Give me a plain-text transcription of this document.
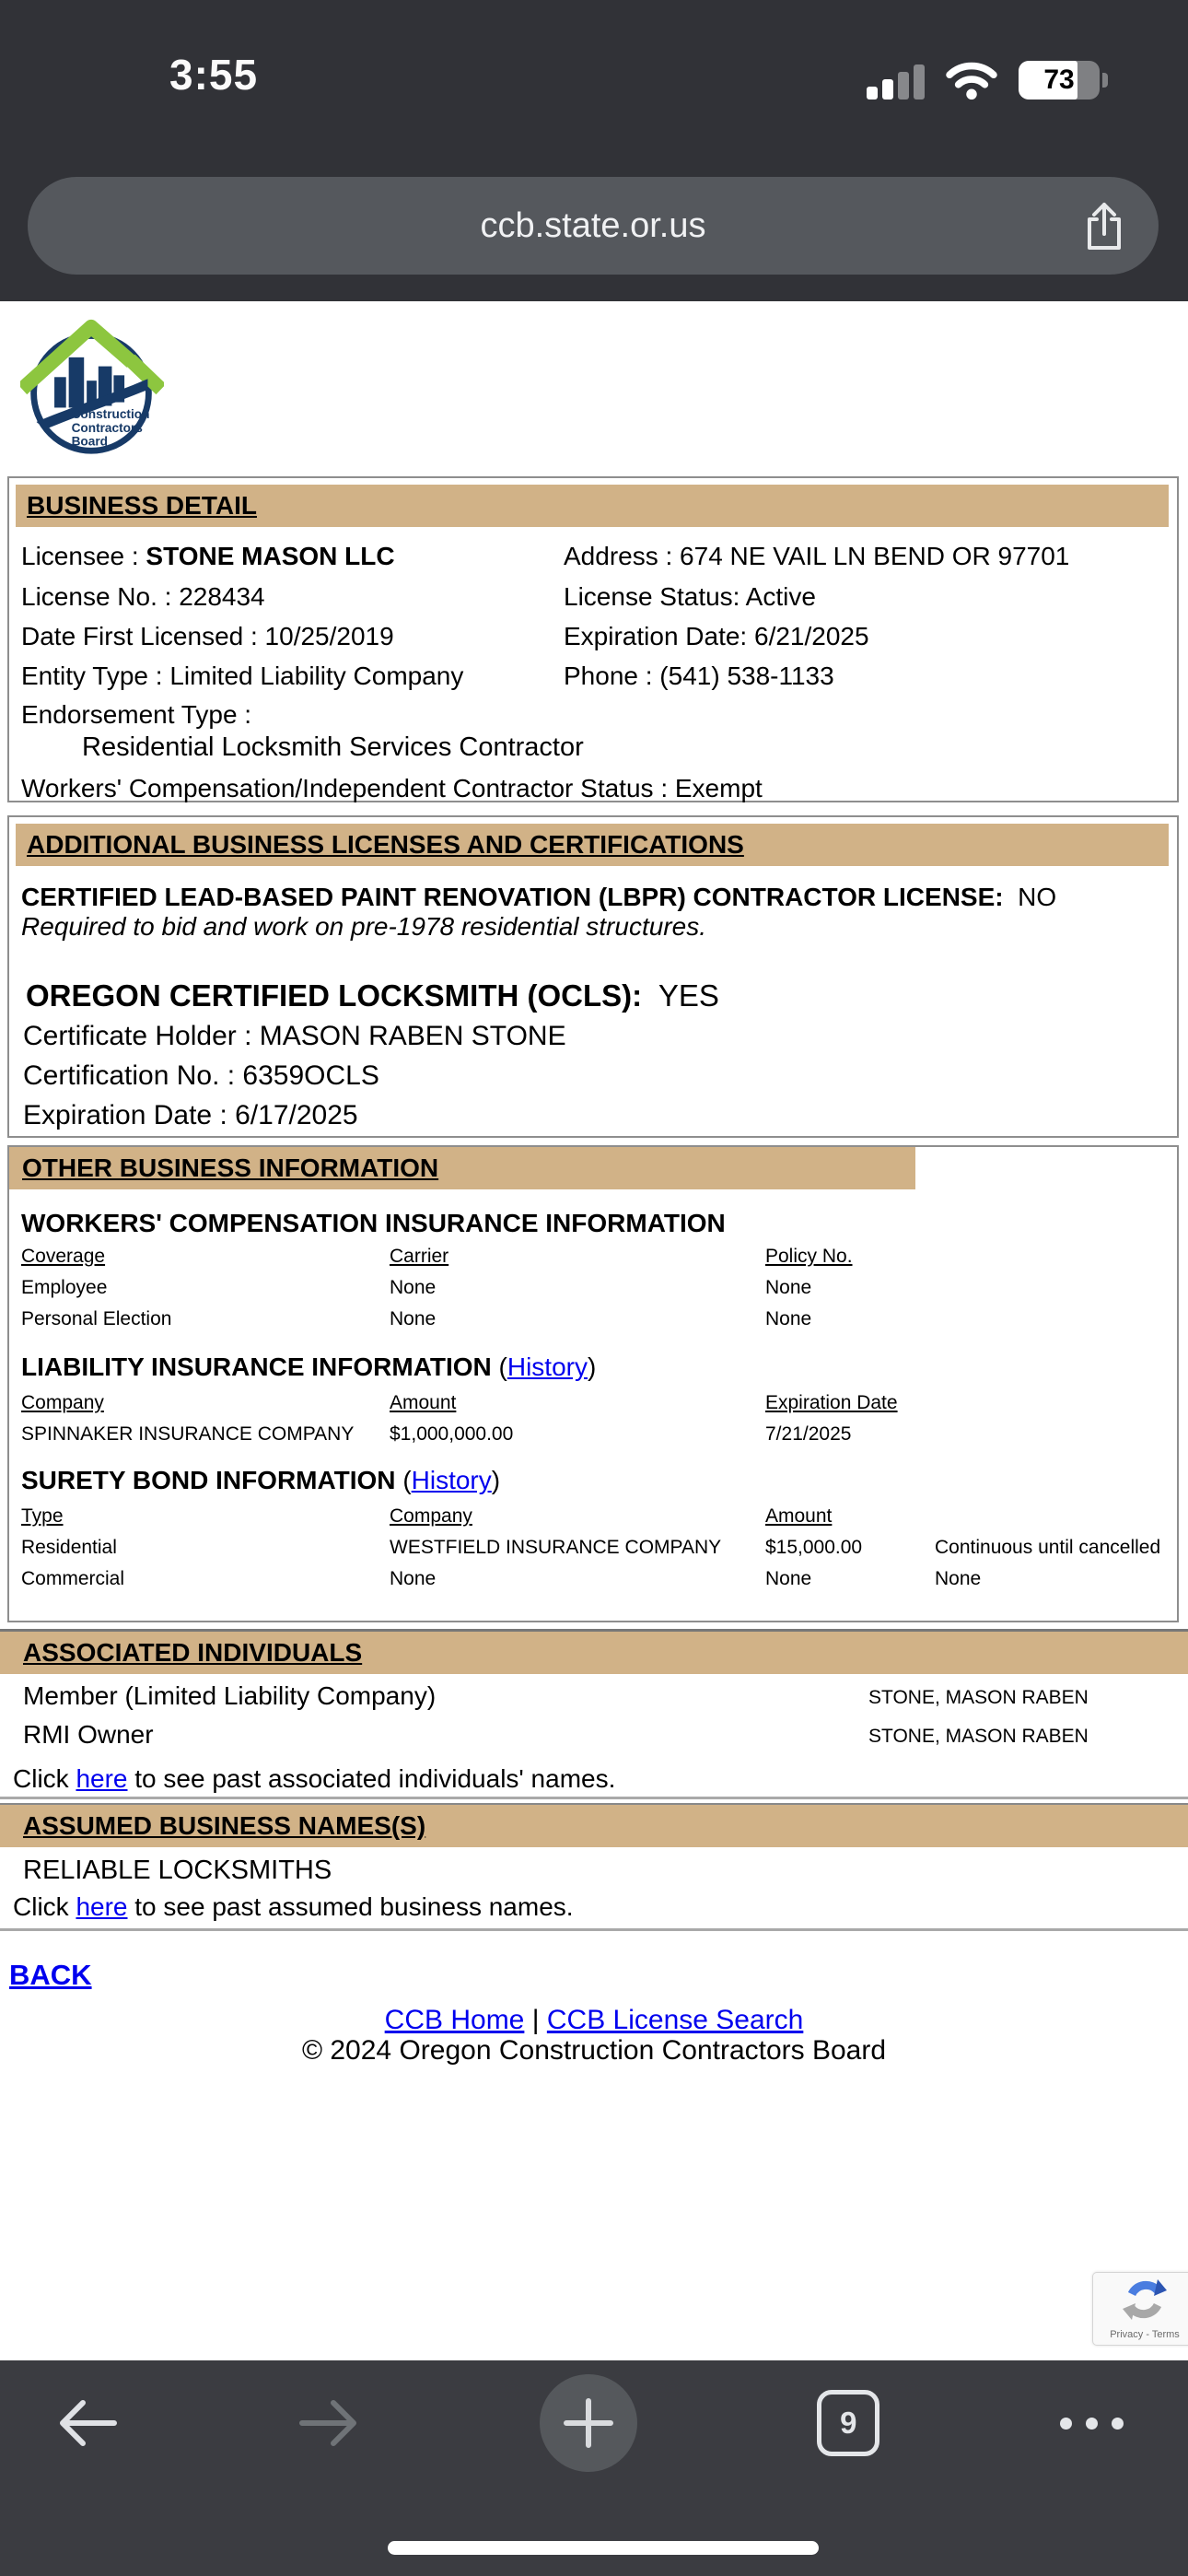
3:55	73
ccb.state.or.us
Construction
Contractors
Board
BUSINESS DETAIL
Licensee : STONE MASON LLC	Address : 674 NE VAIL LN BEND OR 97701
License No. : 228434	License Status: Active
Date First Licensed : 10/25/2019	Expiration Date: 6/21/2025
Entity Type : Limited Liability Company	Phone : (541) 538-1133
Endorsement Type :
Residential Locksmith Services Contractor
Workers' Compensation/Independent Contractor Status : Exempt
ADDITIONAL BUSINESS LICENSES AND CERTIFICATIONS
CERTIFIED LEAD-BASED PAINT RENOVATION (LBPR) CONTRACTOR LICENSE: NO
Required to bid and work on pre-1978 residential structures.
OREGON CERTIFIED LOCKSMITH (OCLS): YES
Certificate Holder : MASON RABEN STONE
Certification No. : 6359OCLS
Expiration Date : 6/17/2025
OTHER BUSINESS INFORMATION
WORKERS' COMPENSATION INSURANCE INFORMATION
Coverage	Carrier	Policy No.
Employee	None	None
Personal Election	None	None
LIABILITY INSURANCE INFORMATION (History)
Company	Amount	Expiration Date
SPINNAKER INSURANCE COMPANY $1,000,000.00	7/21/2025
SURETY BOND INFORMATION (History)
Type	Company	Amount
Residential	WESTFIELD INSURANCE COMPANY $15,000.00	Continuous until cancelled
Commercial	None	None	None
ASSOCIATED INDIVIDUALS
Member (Limited Liability Company)	STONE, MASON RABEN
RMI Owner	STONE, MASON RABEN
Click here to see past associated individuals' names.
ASSUMED BUSINESS NAMES(S)
RELIABLE LOCKSMITHS
Click here to see past assumed business names.
BACK
CCB Home | CCB License Search
© 2024 Oregon Construction Contractors Board
Privacy - Terms
9
